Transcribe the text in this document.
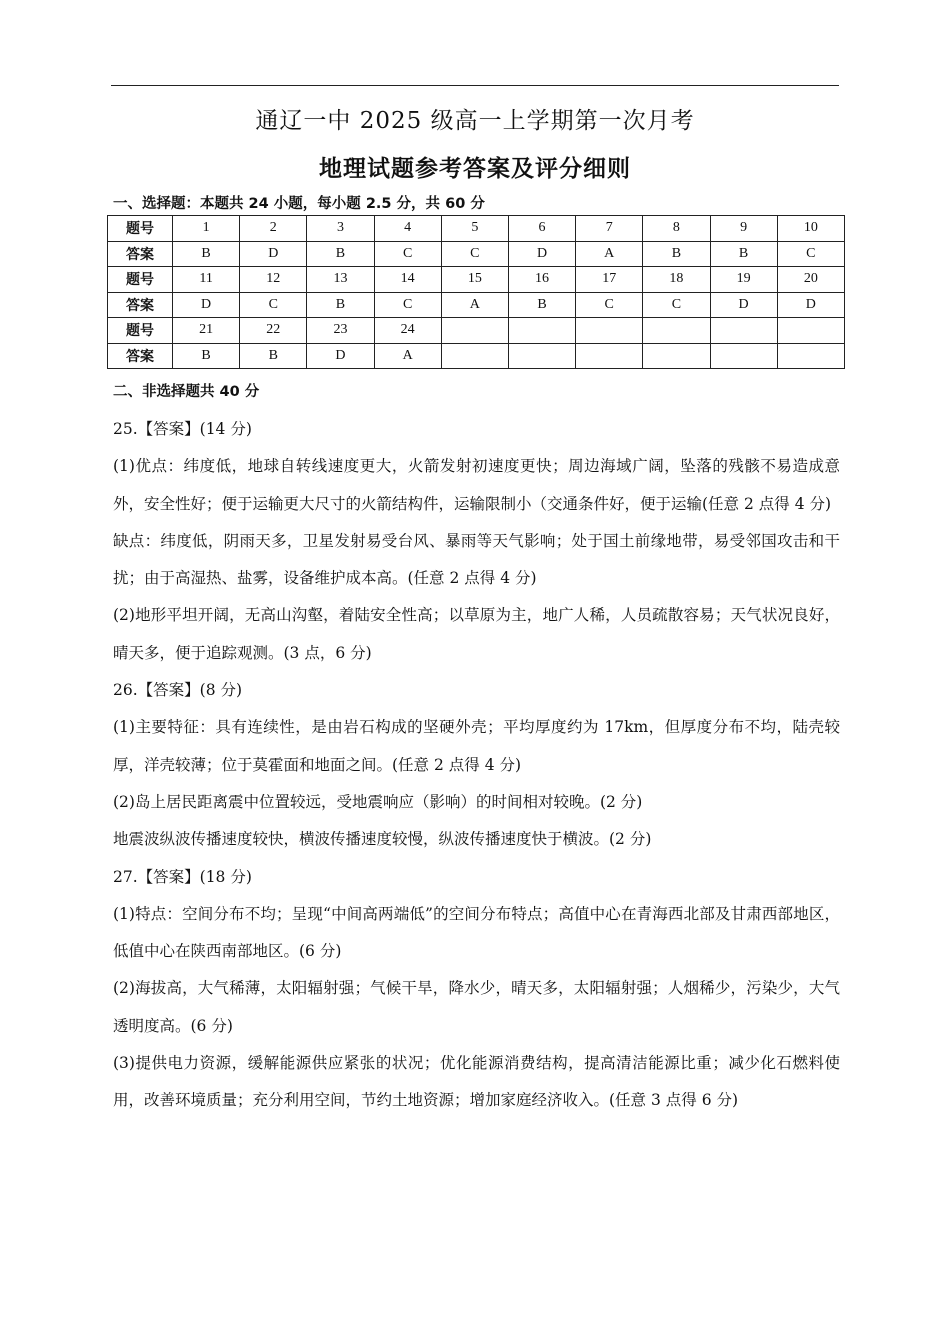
通辽一中 2025 级高一上学期第一次月考
地理试题参考答案及评分细则
一、选择题：本题共 24 小题，每小题 2.5 分，共 60 分
题号	1	2	3	4	5	6	7	8	9	10
答案	B	D	B	C	C	D	A	B	B	C
题号	11	12	13	14	15	16	17	18	19	20
答案	D	C	B	C	A	B	C	C	D	D
题号	21	22	23	24						
答案	B	B	D	A						
二、非选择题共 40 分

25.【答案】(14 分)

(1)优点：纬度低，地球自转线速度更大，火箭发射初速度更快；周边海域广阔，坠落的残骸不易造成意外，安全性好；便于运输更大尺寸的火箭结构件，运输限制小（交通条件好，便于运输(任意 2 点得 4 分)

缺点：纬度低，阴雨天多，卫星发射易受台风、暴雨等天气影响；处于国土前缘地带，易受邻国攻击和干扰；由于高湿热、盐雾，设备维护成本高。(任意 2 点得 4 分)

(2)地形平坦开阔，无高山沟壑，着陆安全性高；以草原为主，地广人稀，人员疏散容易；天气状况良好，晴天多，便于追踪观测。(3 点，6 分)

26.【答案】(8 分)

(1)主要特征：具有连续性，是由岩石构成的坚硬外壳；平均厚度约为 17km，但厚度分布不均，陆壳较厚，洋壳较薄；位于莫霍面和地面之间。(任意 2 点得 4 分)

(2)岛上居民距离震中位置较远，受地震响应（影响）的时间相对较晚。(2 分)

地震波纵波传播速度较快，横波传播速度较慢，纵波传播速度快于横波。(2 分)

27.【答案】(18 分)

(1)特点：空间分布不均；呈现“中间高两端低”的空间分布特点；高值中心在青海西北部及甘肃西部地区，低值中心在陕西南部地区。(6 分)

(2)海拔高，大气稀薄，太阳辐射强；气候干旱，降水少，晴天多，太阳辐射强；人烟稀少，污染少，大气透明度高。(6 分)

(3)提供电力资源，缓解能源供应紧张的状况；优化能源消费结构，提高清洁能源比重；减少化石燃料使用，改善环境质量；充分利用空间，节约土地资源；增加家庭经济收入。(任意 3 点得 6 分)
